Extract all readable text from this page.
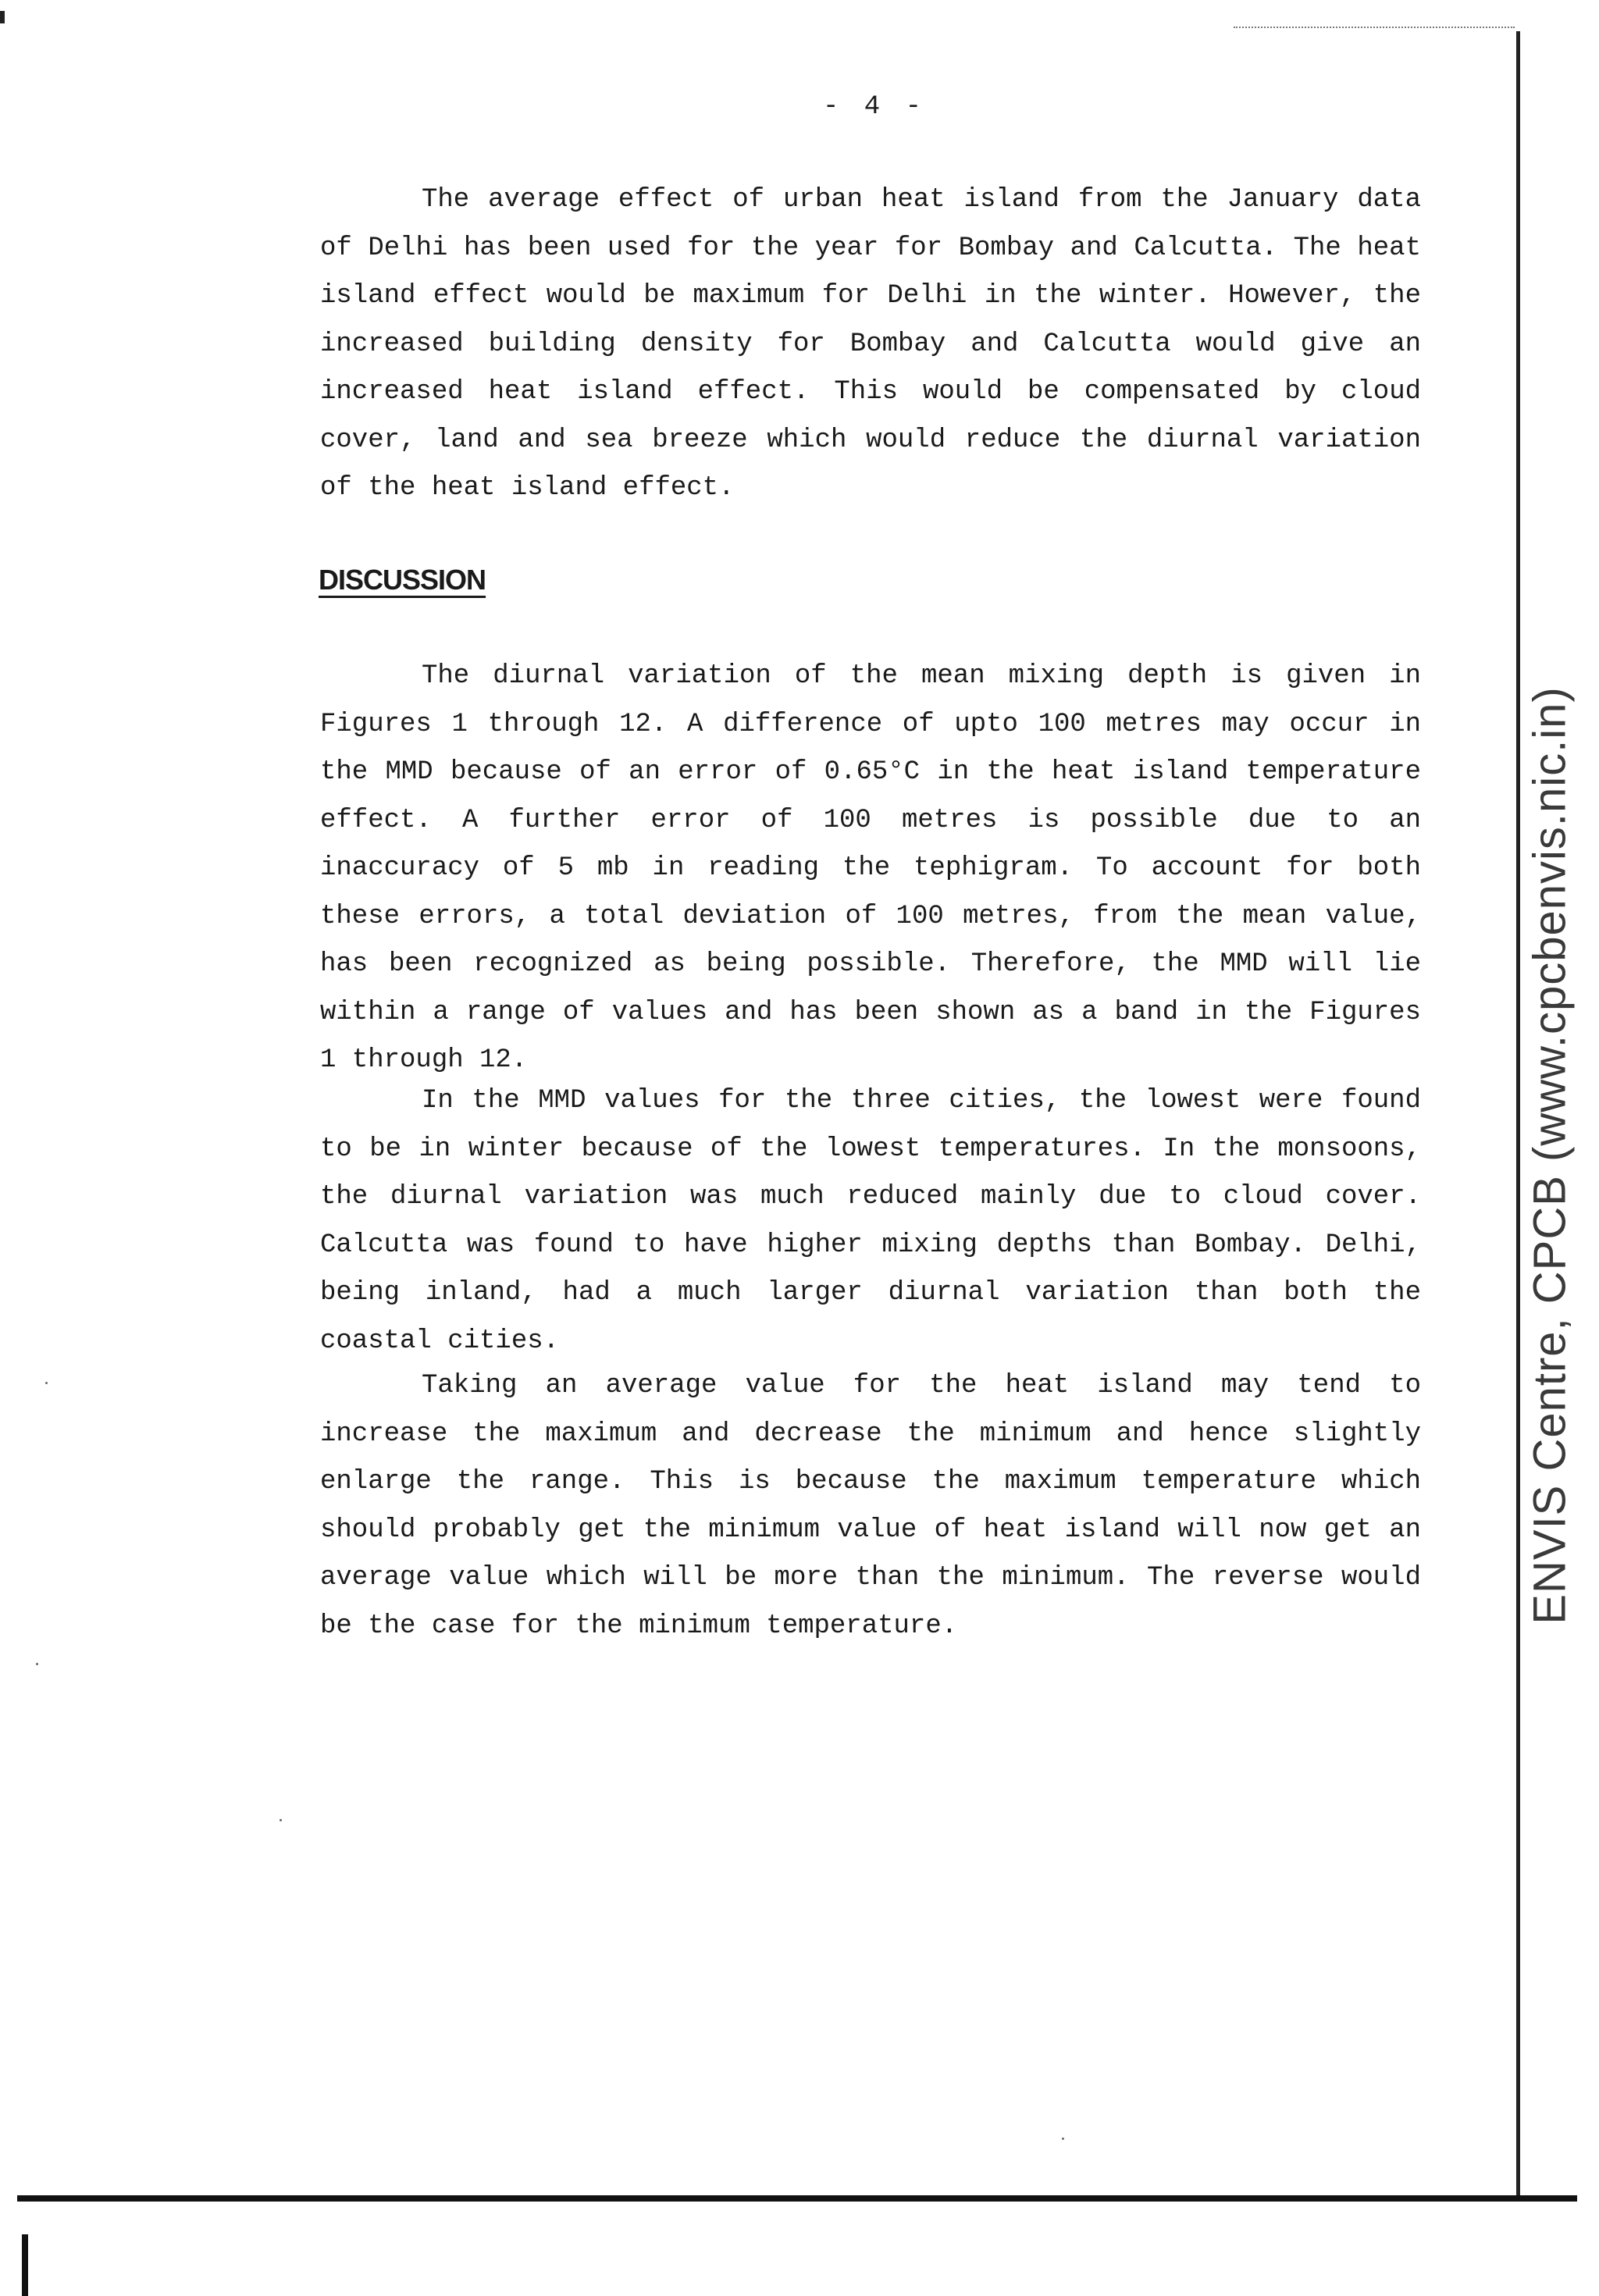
- 4 -

The average effect of urban heat island from the January data of Delhi has been used for the year for Bombay and Calcutta. The heat island effect would be maximum for Delhi in the winter. However, the increased building density for Bombay and Calcutta would give an increased heat island effect. This would be compensated by cloud cover, land and sea breeze which would reduce the diurnal variation of the heat island effect.

DISCUSSION

The diurnal variation of the mean mixing depth is given in Figures 1 through 12. A difference of upto 100 metres may occur in the MMD because of an error of 0.65°C in the heat island temperature effect. A further error of 100 metres is possible due to an inaccuracy of 5 mb in reading the tephigram. To account for both these errors, a total deviation of 100 metres, from the mean value, has been recognized as being possible. Therefore, the MMD will lie within a range of values and has been shown as a band in the Figures 1 through 12.

In the MMD values for the three cities, the lowest were found to be in winter because of the lowest temperatures. In the monsoons, the diurnal variation was much reduced mainly due to cloud cover. Calcutta was found to have higher mixing depths than Bombay. Delhi, being inland, had a much larger diurnal variation than both the coastal cities.

Taking an average value for the heat island may tend to increase the maximum and decrease the minimum and hence slightly enlarge the range. This is because the maximum temperature which should probably get the minimum value of heat island will now get an average value which will be more than the minimum. The reverse would be the case for the minimum temperature.

ENVIS Centre, CPCB (www.cpcbenvis.nic.in)
